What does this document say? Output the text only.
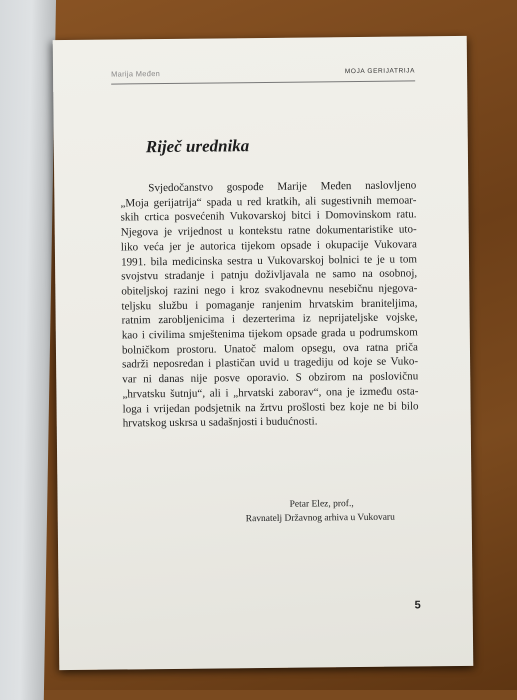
Marija Međen	MOJA GERIJATRIJA
Riječ urednika
Svjedočanstvo gospođe Marije Međen naslovljeno
„Moja gerijatrija“ spada u red kratkih, ali sugestivnih memoar-
skih crtica posvećenih Vukovarskoj bitci i Domovinskom ratu.
Njegova je vrijednost u kontekstu ratne dokumentaristike uto-
liko veća jer je autorica tijekom opsade i okupacije Vukovara
1991. bila medicinska sestra u Vukovarskoj bolnici te je u tom
svojstvu stradanje i patnju doživljavala ne samo na osobnoj,
obiteljskoj razini nego i kroz svakodnevnu nesebičnu njegova-
teljsku službu i pomaganje ranjenim hrvatskim braniteljima,
ratnim zarobljenicima i dezerterima iz neprijateljske vojske,
kao i civilima smještenima tijekom opsade grada u podrumskom
bolničkom prostoru. Unatoč malom opsegu, ova ratna priča
sadrži neposredan i plastičan uvid u tragediju od koje se Vuko-
var ni danas nije posve oporavio. S obzirom na poslovičnu
„hrvatsku šutnju“, ali i „hrvatski zaborav“, ona je između osta-
loga i vrijedan podsjetnik na žrtvu prošlosti bez koje ne bi bilo
hrvatskog uskrsa u sadašnjosti i budućnosti.
Petar Elez, prof.,
Ravnatelj Državnog arhiva u Vukovaru
5
